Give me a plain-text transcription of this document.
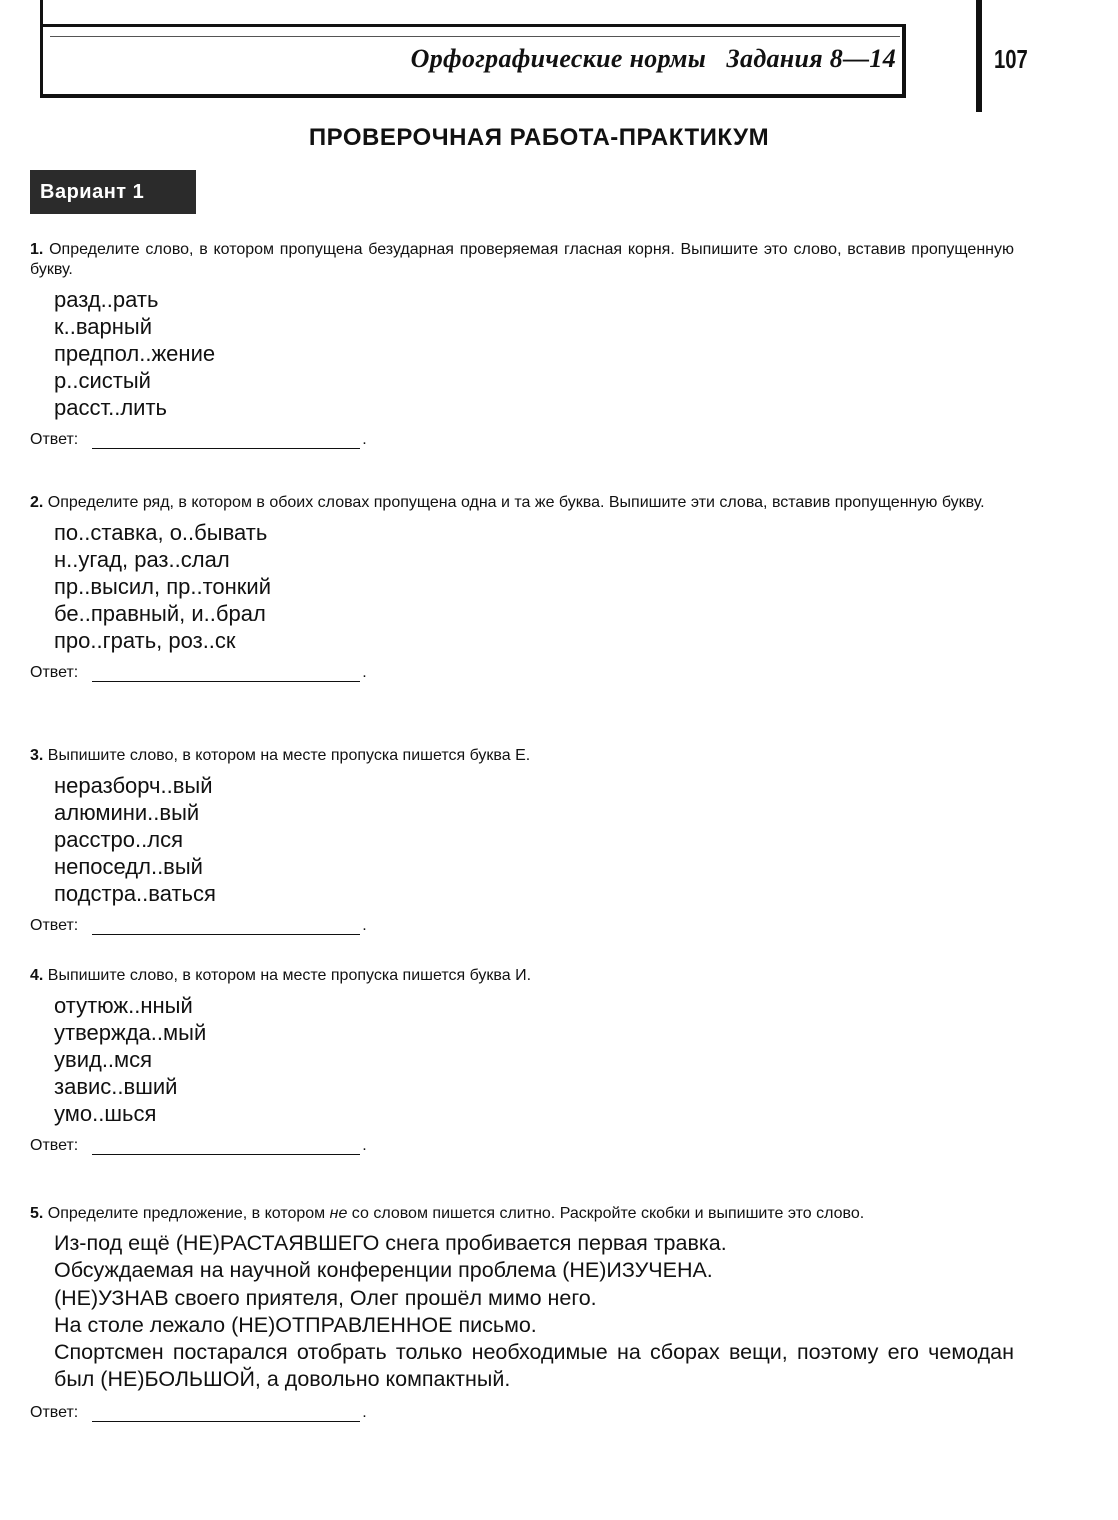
Орфографические нормы Задания 8—14	107
ПРОВЕРОЧНАЯ РАБОТА-ПРАКТИКУМ
Вариант 1
1. Определите слово, в котором пропущена безударная проверяемая гласная корня. Выпишите это слово, вставив пропущенную букву.
разд..рать
к..варный
предпол..жение
р..систый
расст..лить
Ответ:	.
2. Определите ряд, в котором в обоих словах пропущена одна и та же буква. Выпишите эти слова, вставив пропущенную букву.
по..ставка, о..бывать
н..угад, раз..слал
пр..высил, пр..тонкий
бе..правный, и..брал
про..грать, роз..ск
Ответ:	.
3. Выпишите слово, в котором на месте пропуска пишется буква Е.
неразборч..вый
алюмини..вый
расстро..лся
непоседл..вый
подстра..ваться
Ответ:	.
4. Выпишите слово, в котором на месте пропуска пишется буква И.
отутюж..нный
утвержда..мый
увид..мся
завис..вший
умо..шься
Ответ:	.
5. Определите предложение, в котором не со словом пишется слитно. Раскройте скобки и выпишите это слово.
Из-под ещё (НЕ)РАСТАЯВШЕГО снега пробивается первая травка.
Обсуждаемая на научной конференции проблема (НЕ)ИЗУЧЕНА.
(НЕ)УЗНАВ своего приятеля, Олег прошёл мимо него.
На столе лежало (НЕ)ОТПРАВЛЕННОЕ письмо.
Спортсмен постарался отобрать только необходимые на сборах вещи, поэтому его чемодан был (НЕ)БОЛЬШОЙ, а довольно компактный.
Ответ:	.
